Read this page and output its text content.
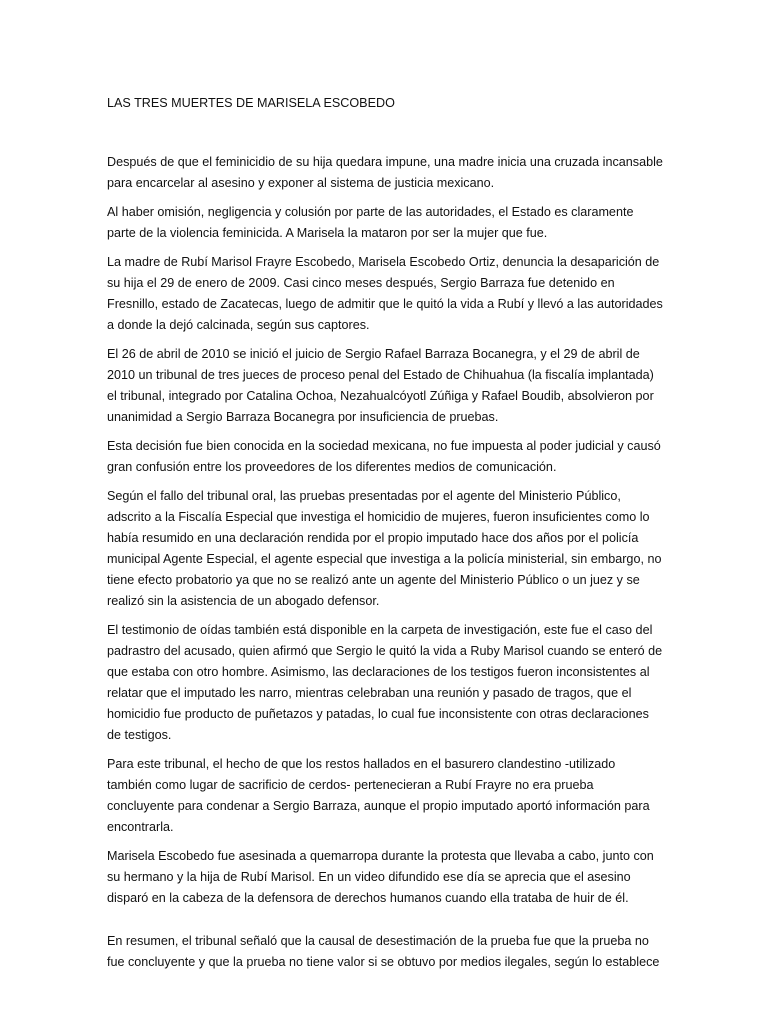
LAS TRES MUERTES DE MARISELA ESCOBEDO

Después de que el feminicidio de su hija quedara impune, una madre inicia una cruzada incansable para encarcelar al asesino y exponer al sistema de justicia mexicano.

Al haber omisión, negligencia y colusión por parte de las autoridades, el Estado es claramente parte de la violencia feminicida. A Marisela la mataron por ser la mujer que fue.

La madre de Rubí Marisol Frayre Escobedo, Marisela Escobedo Ortiz, denuncia la desaparición de su hija el 29 de enero de 2009. Casi cinco meses después, Sergio Barraza fue detenido en Fresnillo, estado de Zacatecas, luego de admitir que le quitó la vida a Rubí y llevó a las autoridades a donde la dejó calcinada, según sus captores.

El 26 de abril de 2010 se inició el juicio de Sergio Rafael Barraza Bocanegra, y el 29 de abril de 2010 un tribunal de tres jueces de proceso penal del Estado de Chihuahua (la fiscalía implantada) el tribunal, integrado por Catalina Ochoa, Nezahualcóyotl Zúñiga y Rafael Boudib, absolvieron por unanimidad a Sergio Barraza Bocanegra por insuficiencia de pruebas.

Esta decisión fue bien conocida en la sociedad mexicana, no fue impuesta al poder judicial y causó gran confusión entre los proveedores de los diferentes medios de comunicación.

Según el fallo del tribunal oral, las pruebas presentadas por el agente del Ministerio Público, adscrito a la Fiscalía Especial que investiga el homicidio de mujeres, fueron insuficientes como lo había resumido en una declaración rendida por el propio imputado hace dos años por el policía municipal Agente Especial, el agente especial que investiga a la policía ministerial, sin embargo, no tiene efecto probatorio ya que no se realizó ante un agente del Ministerio Público o un juez y se realizó sin la asistencia de un abogado defensor.

El testimonio de oídas también está disponible en la carpeta de investigación, este fue el caso del padrastro del acusado, quien afirmó que Sergio le quitó la vida a Ruby Marisol cuando se enteró de que estaba con otro hombre. Asimismo, las declaraciones de los testigos fueron inconsistentes al relatar que el imputado les narro, mientras celebraban una reunión y pasado de tragos, que el homicidio fue producto de puñetazos y patadas, lo cual fue inconsistente con otras declaraciones de testigos.

Para este tribunal, el hecho de que los restos hallados en el basurero clandestino -utilizado también como lugar de sacrificio de cerdos- pertenecieran a Rubí Frayre no era prueba concluyente para condenar a Sergio Barraza, aunque el propio imputado aportó información para encontrarla.

Marisela Escobedo fue asesinada a quemarropa durante la protesta que llevaba a cabo, junto con su hermano y la hija de Rubí Marisol. En un video difundido ese día se aprecia que el asesino disparó en la cabeza de la defensora de derechos humanos cuando ella trataba de huir de él.

En resumen, el tribunal señaló que la causal de desestimación de la prueba fue que la prueba no fue concluyente y que la prueba no tiene valor si se obtuvo por medios ilegales, según lo establece
